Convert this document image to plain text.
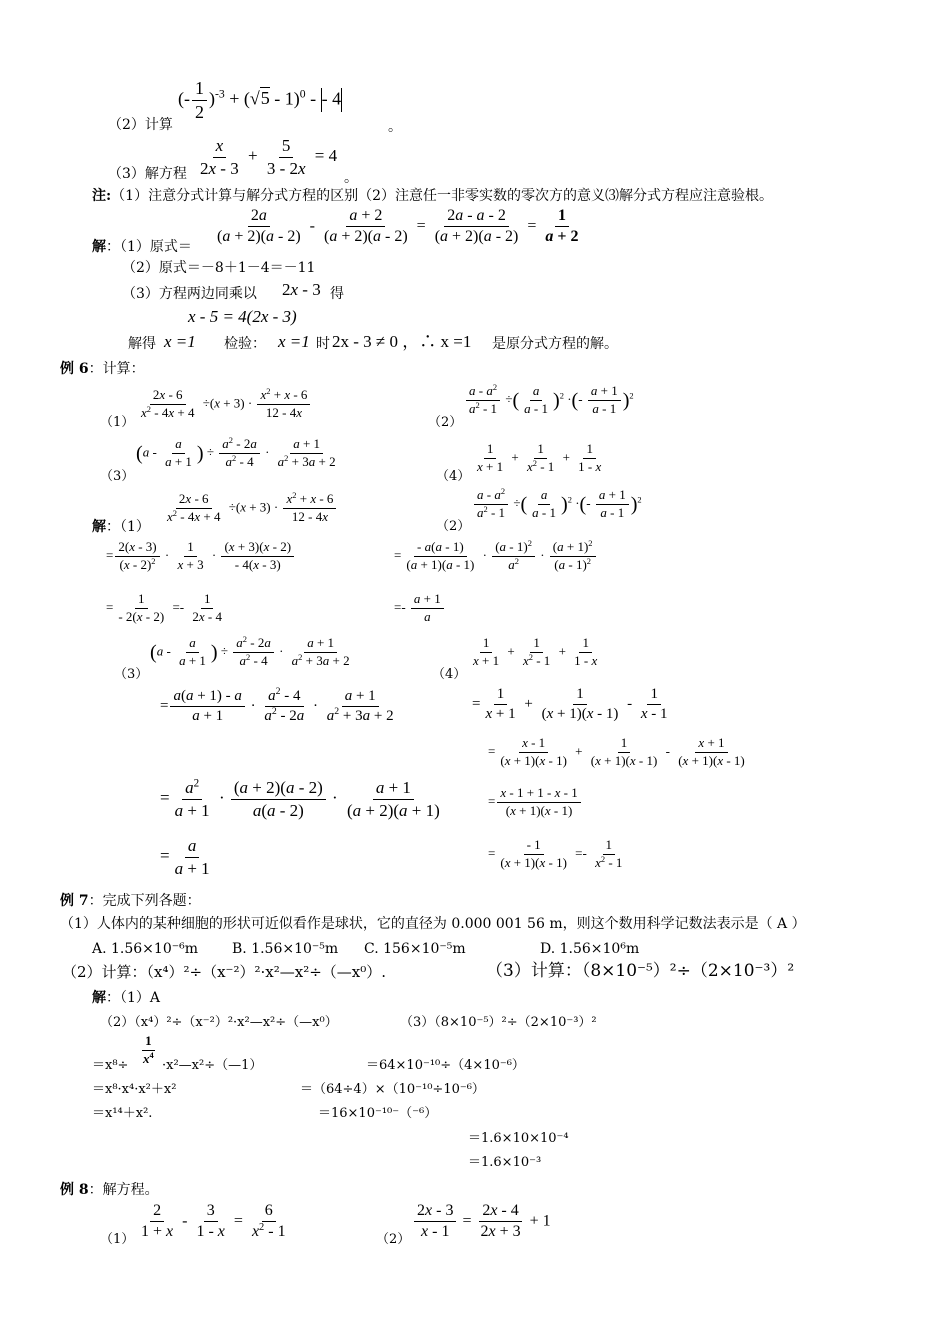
(- $\frac{1}{2} )^{-3} + (√5 - 1)^0$ - - 4
（2）计算	。
$\frac{x}{2x - 3} + \frac{5}{3 - 2x} = 4$
（3）解方程	。
注:（1）注意分式计算与解分式方程的区别（2）注意任一非零实数的零次方的意义⑶解分式方程应注意验根。
解：（1）原式＝
$\frac{2a}{(a + 2)(a - 2)} - \frac{a + 2}{(a + 2)(a - 2)} = \frac{2a - a - 2}{(a + 2)(a - 2)} = \frac{1}{a + 2}$
（2）原式＝－8＋1－4＝－11
（3）方程两边同乘以 2x - 3 得
x - 5 = 4(2x - 3)
解得 x =1 检验： x =1 时 2x - 3 ≠ 0 ，∴ x =1 是原分式方程的解。
例 6：计算：
（1）
$\frac{2x - 6}{x^2 - 4x + 4} \div(x + 3) \cdot \frac{x^2 + x - 6}{12 - 4x}$
（2）
$\frac{a - a^2}{a^2 - 1}$ ÷( $\frac{a}{a - 1} )^2$ ·(- $\frac{a + 1}{a - 1} )^2$
（3）
($a - \frac{a}{a + 1}$ ) ÷ $\frac{a^2 - 2a}{a^2 - 4} \cdot \frac{a + 1}{a^2 + 3a + 2}$
（4）
$\frac{1}{x + 1} + \frac{1}{x^2 - 1} + \frac{1}{1 - x}$
解：（1）
$\frac{2x - 6}{x^2 - 4x + 4} \div(x + 3) \cdot \frac{x^2 + x - 6}{12 - 4x}$
= $\frac{2(x - 3)}{(x - 2)^2} \cdot \frac{1}{x + 3} \cdot \frac{(x + 3)(x - 2)}{- 4(x - 3)}$
= $\frac{1}{- 2(x - 2)} =- \frac{1}{2x - 4}$
（2）
$\frac{a - a^2}{a^2 - 1}$ ÷( $\frac{a}{a - 1} )^2$ ·(- $\frac{a + 1}{a - 1} )^2$
= $\frac{- a(a - 1)}{(a + 1)(a - 1)} \cdot \frac{(a - 1)^2}{a^2} \cdot \frac{(a + 1)^2}{(a - 1)^2}$
=- $\frac{a + 1}{a}$
（3）
($a - \frac{a}{a + 1}$ ) ÷ $\frac{a^2 - 2a}{a^2 - 4} \cdot \frac{a + 1}{a^2 + 3a + 2}$
= $\frac{a(a + 1) - a}{a + 1} \cdot \frac{a^2 - 4}{a^2 - 2a} \cdot \frac{a + 1}{a^2 + 3a + 2}$
= $\frac{a^2}{a + 1} \cdot \frac{(a + 2)(a - 2)}{a(a - 2)} \cdot \frac{a + 1}{(a + 2)(a + 1)}$
= $\frac{a}{a + 1}$
（4）
$\frac{1}{x + 1} + \frac{1}{x^2 - 1} + \frac{1}{1 - x}$
= $\frac{1}{x + 1} + \frac{1}{(x + 1)(x - 1)} - \frac{1}{x - 1}$
= $\frac{x - 1}{(x + 1)(x - 1)} + \frac{1}{(x + 1)(x - 1)} - \frac{x + 1}{(x + 1)(x - 1)}$
= $\frac{x - 1 + 1 - x - 1}{(x + 1)(x - 1)}$
= $\frac{- 1}{(x + 1)(x - 1)} =- \frac{1}{x^2 - 1}$
例 7：完成下列各题：
（1）人体内的某种细胞的形状可近似看作是球状，它的直径为 0.000 001 56 m，则这个数用科学记数法表示是（ A ）
A. 1.56×10⁻⁶m B. 1.56×10⁻⁵m C. 156×10⁻⁵m	D. 1.56×10⁶m
（2）计算：（x⁴）²÷（x⁻²）²·x²—x²÷（—x⁰）.	（3）计算：（8×10⁻⁵）²÷（2×10⁻³）²
解：（1）A
（2）（x⁴）²÷（x⁻²）²·x²—x²÷（—x⁰）	（3）（8×10⁻⁵）²÷（2×10⁻³）²
$=x^8\div \frac{1}{x^4}$ ·x²—x²÷（—1）
＝x⁸·x⁴·x²＋x²
＝x¹⁴＋x².
＝64×10⁻¹⁰÷（4×10⁻⁶）
＝（64÷4）×（10⁻¹⁰÷10⁻⁶）
＝16×10⁻¹⁰⁻（⁻⁶）
＝1.6×10×10⁻⁴
＝1.6×10⁻³
例 8：解方程。
$(1) \frac{2}{1 + x} - \frac{3}{1 - x} = \frac{6}{x^2 - 1}$	$(2) \frac{2x - 3}{x - 1} = \frac{2x - 4}{2x + 3} + 1$
